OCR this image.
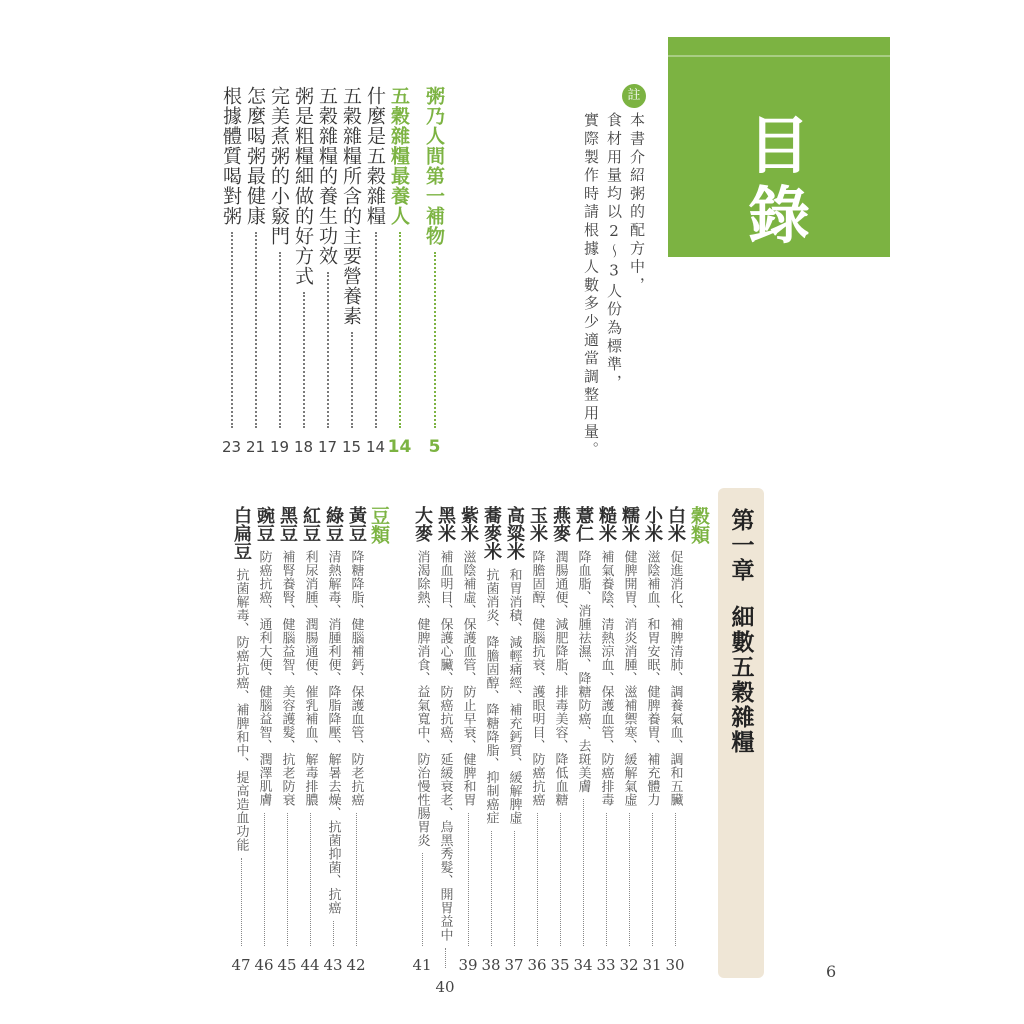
目
錄
註
本書介紹粥的配方中，
食材用量均以2〜3人份為標準，
實際製作時請根據人數多少適當調整用量。
粥乃人間第一補物
5
五穀雜糧最養人
14
什麼是五穀雜糧
14
五穀雜糧所含的主要營養素
15
五穀雜糧的養生功效
17
粥是粗糧細做的好方式
18
完美煮粥的小竅門
19
怎麼喝粥最健康
21
根據體質喝對粥
23
第一章
細數五穀雜糧
穀類
白米
促進消化、補脾清肺、調養氣血、調和五臟
30
小米
滋陰補血、和胃安眠、健脾養胃、補充體力
31
糯米
健脾開胃、消炎消腫、滋補禦寒、緩解氣虛
32
糙米
補氣養陰、清熱涼血、保護血管、防癌排毒
33
薏仁
降血脂、消腫祛濕、降糖防癌、去斑美膚
34
燕麥
潤腸通便、減肥降脂、排毒美容、降低血糖
35
玉米
降膽固醇、健腦抗衰、護眼明目、防癌抗癌
36
高粱米
和胃消積、減輕痛經、補充鈣質、緩解脾虛
37
蕎麥米
抗菌消炎、降膽固醇、降糖降脂、抑制癌症
38
紫米
滋陰補虛、保護血管、防止早衰、健脾和胃
39
黑米
補血明目、保護心臟、防癌抗癌、延緩衰老、烏黑秀髮、開胃益中
40
大麥
消渴除熱、健脾消食、益氣寬中、防治慢性腸胃炎
41
豆類
黃豆
降糖降脂、健腦補鈣、保護血管、防老抗癌
42
綠豆
清熱解毒、消腫利便、降脂降壓、解暑去燥、抗菌抑菌、抗癌
43
紅豆
利尿消腫、潤腸通便、催乳補血、解毒排膿
44
黑豆
補腎養腎、健腦益智、美容護髮、抗老防衰
45
豌豆
防癌抗癌、通利大便、健腦益智、潤澤肌膚
46
白扁豆
抗菌解毒、防癌抗癌、補脾和中、提高造血功能
47	6
